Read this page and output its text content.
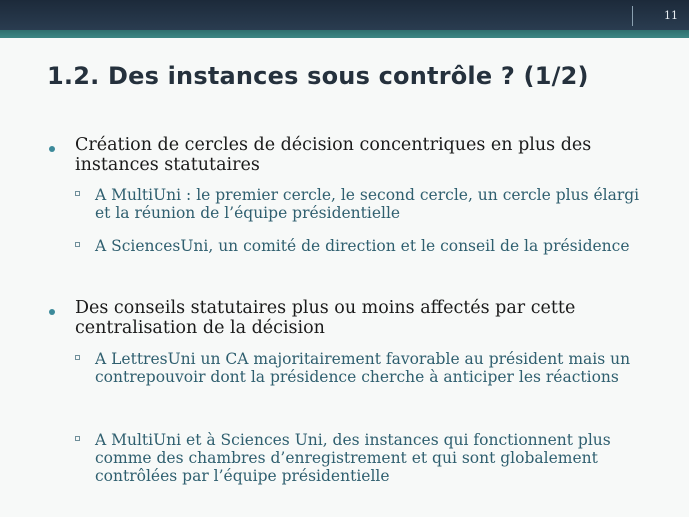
11
1.2. Des instances sous contrôle ? (1/2)

Création de cercles de décision concentriques en plus des instances statutaires

A MultiUni : le premier cercle, le second cercle, un cercle plus élargi et la réunion de l’équipe présidentielle

A SciencesUni, un comité de direction et le conseil de la présidence

Des conseils statutaires plus ou moins affectés par cette centralisation de la décision

A LettresUni un CA majoritairement favorable au président mais un contrepouvoir dont la présidence cherche à anticiper les réactions

A MultiUni et à Sciences Uni, des instances qui fonctionnent plus comme des chambres d’enregistrement et qui sont globalement contrôlées par l’équipe présidentielle
